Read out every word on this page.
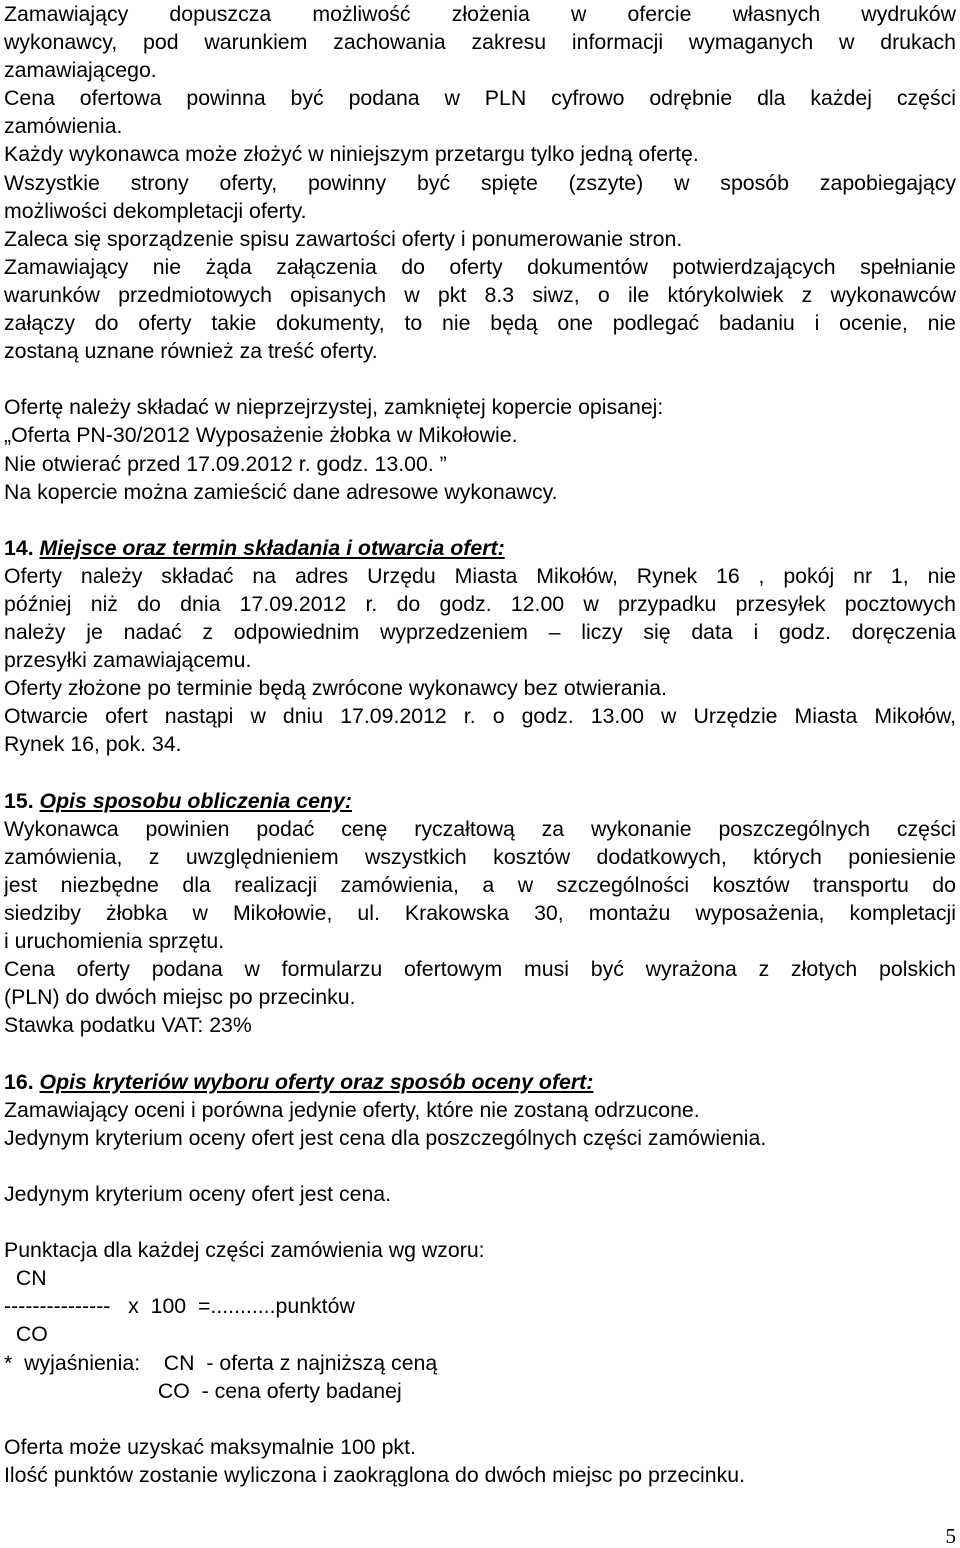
Zamawiający dopuszcza możliwość złożenia w ofercie własnych wydruków
wykonawcy, pod warunkiem zachowania zakresu informacji wymaganych w drukach
zamawiającego.
Cena ofertowa powinna być podana w PLN cyfrowo odrębnie dla każdej części
zamówienia.
Każdy wykonawca może złożyć w niniejszym przetargu tylko jedną ofertę.
Wszystkie strony oferty, powinny być spięte (zszyte) w sposób zapobiegający
możliwości dekompletacji oferty.
Zaleca się sporządzenie spisu zawartości oferty i ponumerowanie stron.
Zamawiający nie żąda załączenia do oferty dokumentów potwierdzających spełnianie
warunków przedmiotowych opisanych w pkt 8.3 siwz, o ile którykolwiek z wykonawców
załączy do oferty takie dokumenty, to nie będą one podlegać badaniu i ocenie, nie
zostaną uznane również za treść oferty.
Ofertę należy składać w nieprzejrzystej, zamkniętej kopercie opisanej:
„Oferta PN-30/2012 Wyposażenie żłobka w Mikołowie.
Nie otwierać przed 17.09.2012 r. godz. 13.00. ”
Na kopercie można zamieścić dane adresowe wykonawcy.
14. Miejsce oraz termin składania i otwarcia ofert:
Oferty należy składać na adres Urzędu Miasta Mikołów, Rynek 16 , pokój nr 1, nie
później niż do dnia 17.09.2012 r. do godz. 12.00 w przypadku przesyłek pocztowych
należy je nadać z odpowiednim wyprzedzeniem – liczy się data i godz. doręczenia
przesyłki zamawiającemu.
Oferty złożone po terminie będą zwrócone wykonawcy bez otwierania.
Otwarcie ofert nastąpi w dniu 17.09.2012 r. o godz. 13.00 w Urzędzie Miasta Mikołów,
Rynek 16, pok. 34.
15. Opis sposobu obliczenia ceny:
Wykonawca powinien podać cenę ryczałtową za wykonanie poszczególnych części
zamówienia, z uwzględnieniem wszystkich kosztów dodatkowych, których poniesienie
jest niezbędne dla realizacji zamówienia, a w szczególności kosztów transportu do
siedziby żłobka w Mikołowie, ul. Krakowska 30, montażu wyposażenia, kompletacji
i uruchomienia sprzętu.
Cena oferty podana w formularzu ofertowym musi być wyrażona z złotych polskich
(PLN) do dwóch miejsc po przecinku.
Stawka podatku VAT: 23%
16. Opis kryteriów wyboru oferty oraz sposób oceny ofert:
Zamawiający oceni i porówna jedynie oferty, które nie zostaną odrzucone.
Jedynym kryterium oceny ofert jest cena dla poszczególnych części zamówienia.
Jedynym kryterium oceny ofert jest cena.
Punktacja dla każdej części zamówienia wg wzoru:
CN
---------------   x  100  =...........punktów
CO
*  wyjaśnienia:    CN  - oferta z najniższą ceną
CO  - cena oferty badanej
Oferta może uzyskać maksymalnie 100 pkt.
Ilość punktów zostanie wyliczona i zaokrąglona do dwóch miejsc po przecinku.
5
